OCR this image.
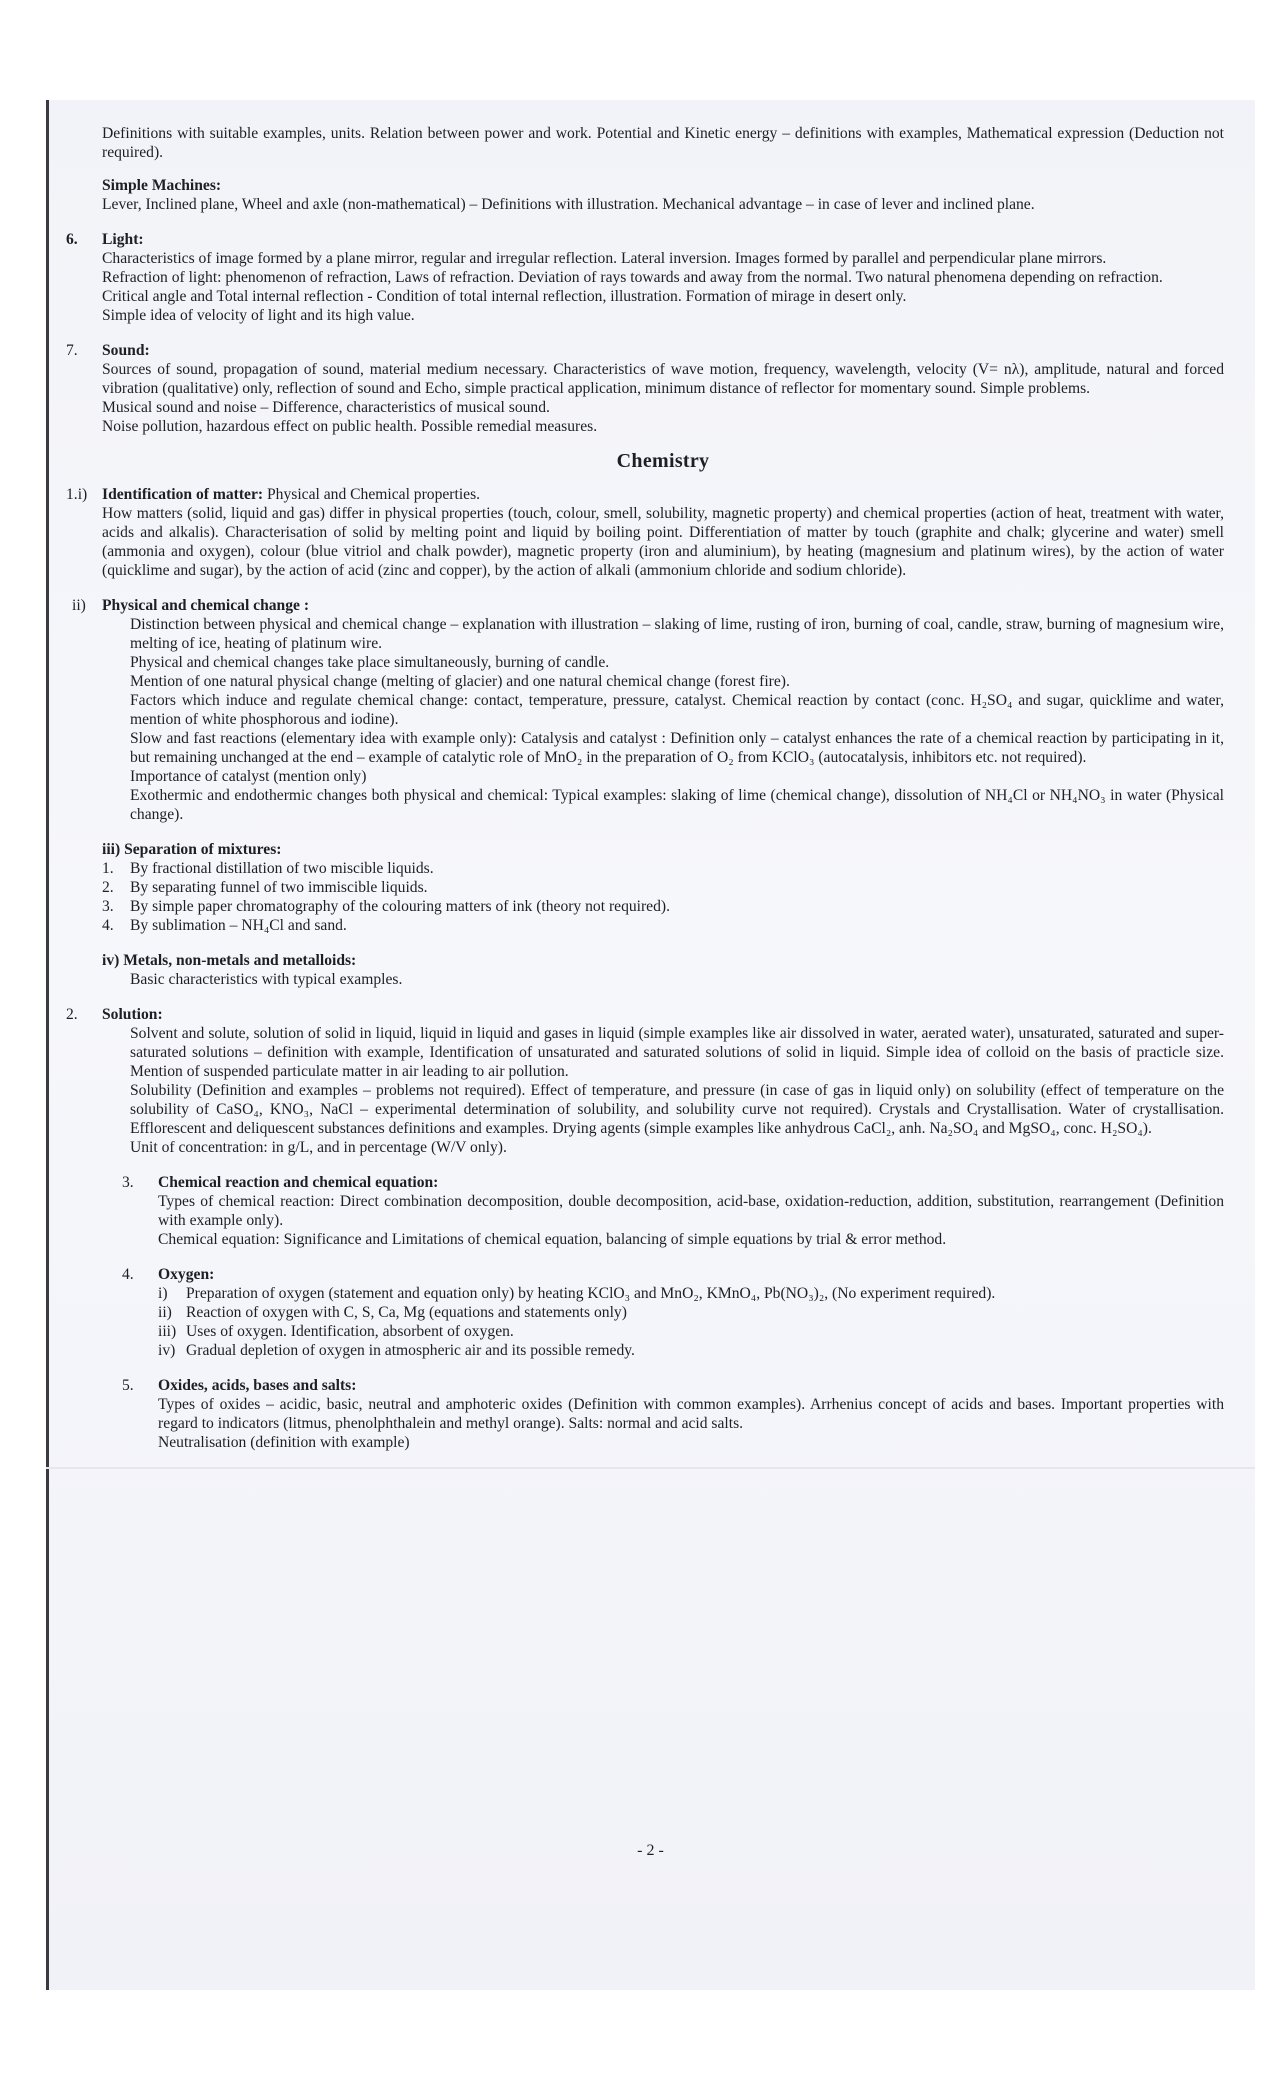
Definitions with suitable examples, units. Relation between power and work. Potential and Kinetic energy – definitions with examples, Mathematical expression (Deduction not required).

Simple Machines:

Lever, Inclined plane, Wheel and axle (non-mathematical) – Definitions with illustration. Mechanical advantage – in case of lever and inclined plane.

6. Light:

Characteristics of image formed by a plane mirror, regular and irregular reflection. Lateral inversion. Images formed by parallel and perpendicular plane mirrors.

Refraction of light: phenomenon of refraction, Laws of refraction. Deviation of rays towards and away from the normal. Two natural phenomena depending on refraction.

Critical angle and Total internal reflection - Condition of total internal reflection, illustration. Formation of mirage in desert only.

Simple idea of velocity of light and its high value.

7. Sound:

Sources of sound, propagation of sound, material medium necessary. Characteristics of wave motion, frequency, wavelength, velocity (V= nλ), amplitude, natural and forced vibration (qualitative) only, reflection of sound and Echo, simple practical application, minimum distance of reflector for momentary sound. Simple problems.

Musical sound and noise – Difference, characteristics of musical sound.

Noise pollution, hazardous effect on public health. Possible remedial measures.

Chemistry
1.i) Identification of matter: Physical and Chemical properties.

How matters (solid, liquid and gas) differ in physical properties (touch, colour, smell, solubility, magnetic property) and chemical properties (action of heat, treatment with water, acids and alkalis). Characterisation of solid by melting point and liquid by boiling point. Differentiation of matter by touch (graphite and chalk; glycerine and water) smell (ammonia and oxygen), colour (blue vitriol and chalk powder), magnetic property (iron and aluminium), by heating (magnesium and platinum wires), by the action of water (quicklime and sugar), by the action of acid (zinc and copper), by the action of alkali (ammonium chloride and sodium chloride).

ii) Physical and chemical change :

Distinction between physical and chemical change – explanation with illustration – slaking of lime, rusting of iron, burning of coal, candle, straw, burning of magnesium wire, melting of ice, heating of platinum wire.

Physical and chemical changes take place simultaneously, burning of candle.

Mention of one natural physical change (melting of glacier) and one natural chemical change (forest fire).

Factors which induce and regulate chemical change: contact, temperature, pressure, catalyst. Chemical reaction by contact (conc. H₂SO₄ and sugar, quicklime and water, mention of white phosphorous and iodine).

Slow and fast reactions (elementary idea with example only): Catalysis and catalyst : Definition only – catalyst enhances the rate of a chemical reaction by participating in it, but remaining unchanged at the end – example of catalytic role of MnO₂ in the preparation of O₂ from KClO₃ (autocatalysis, inhibitors etc. not required).

Importance of catalyst (mention only)

Exothermic and endothermic changes both physical and chemical: Typical examples: slaking of lime (chemical change), dissolution of NH₄Cl or NH₄NO₃ in water (Physical change).

iii) Separation of mixtures:

1. By fractional distillation of two miscible liquids.

2. By separating funnel of two immiscible liquids.

3. By simple paper chromatography of the colouring matters of ink (theory not required).

4. By sublimation – NH₄Cl and sand.

iv) Metals, non-metals and metalloids:

Basic characteristics with typical examples.

2. Solution:

Solvent and solute, solution of solid in liquid, liquid in liquid and gases in liquid (simple examples like air dissolved in water, aerated water), unsaturated, saturated and super-saturated solutions – definition with example, Identification of unsaturated and saturated solutions of solid in liquid. Simple idea of colloid on the basis of practicle size. Mention of suspended particulate matter in air leading to air pollution.

Solubility (Definition and examples – problems not required). Effect of temperature, and pressure (in case of gas in liquid only) on solubility (effect of temperature on the solubility of CaSO₄, KNO₃, NaCl – experimental determination of solubility, and solubility curve not required). Crystals and Crystallisation. Water of crystallisation. Efflorescent and deliquescent substances definitions and examples. Drying agents (simple examples like anhydrous CaCl₂, anh. Na₂SO₄ and MgSO₄, conc. H₂SO₄).

Unit of concentration: in g/L, and in percentage (W/V only).

3. Chemical reaction and chemical equation:

Types of chemical reaction: Direct combination decomposition, double decomposition, acid-base, oxidation-reduction, addition, substitution, rearrangement (Definition with example only).

Chemical equation: Significance and Limitations of chemical equation, balancing of simple equations by trial & error method.

4. Oxygen:

i) Preparation of oxygen (statement and equation only) by heating KClO₃ and MnO₂, KMnO₄, Pb(NO₃)₂, (No experiment required).

ii) Reaction of oxygen with C, S, Ca, Mg (equations and statements only)

iii) Uses of oxygen. Identification, absorbent of oxygen.

iv) Gradual depletion of oxygen in atmospheric air and its possible remedy.

5. Oxides, acids, bases and salts:

Types of oxides – acidic, basic, neutral and amphoteric oxides (Definition with common examples). Arrhenius concept of acids and bases. Important properties with regard to indicators (litmus, phenolphthalein and methyl orange). Salts: normal and acid salts.

Neutralisation (definition with example)

- 2 -
